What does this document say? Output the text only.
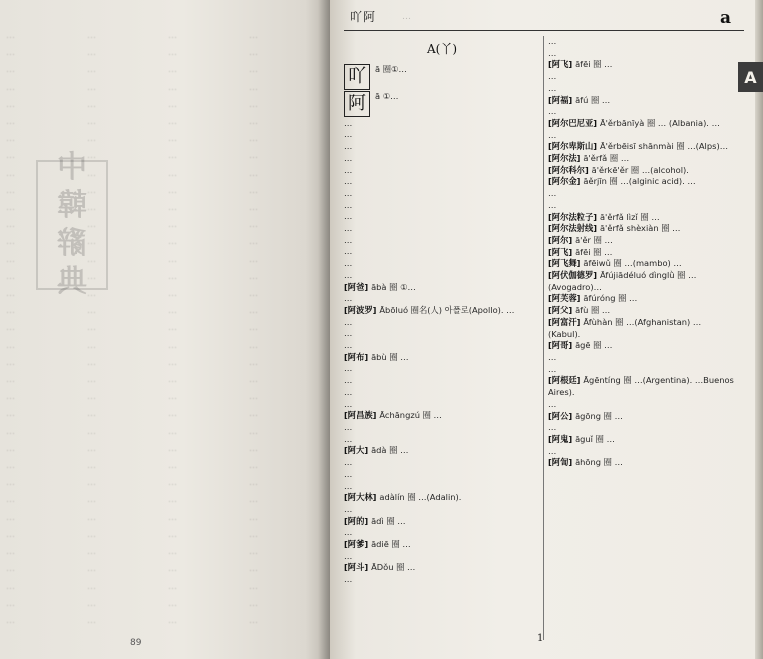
…
…
…
…
…
…
…
…
…
…
…
…
…
…
…
…
…
…
…
…
…
…
…
…
…
…
…
…
…
…
…
…
…
…
…
…
…
…
…
…
…
…
…
…
…
…
…
…
…
…
…
…
…
…
…
…
…
…
…
…
…
…
…
…
…
…
…
…
…
…
…
…
…
…
…
…
…
…
…
…
…
…
…
…
…
…
…
…
…
…
…
…
…
…
…
…
…
…
…
…
…
…
…
…
…
…
…
…
…
…
…
…
…
…
…
…
…
…
…
…
…
…
…
…
…
…
…
…
…
…
…
…
…
…
…
…
…
…
…
…
中
韓
辭
典
89
吖阿	…	a
A
A(丫)
吖	ā 圈①…
阿	ā ①…
…
…
…
…
…
…
…
…
…
…
…
…
…
…
[阿爸] ābà 圈 ①…
…
[阿波罗] Ābōluó 圈名(人) 아폴로(Apollo). …
…
…
…
[阿布] ābù 圈 …
…
…
…
…
[阿昌族] Āchāngzú 圈 …
…
…
[阿大] ādà 圈 …
…
…
…
[阿大林] adàlín 圈 …(Adalin).
…
[阿的] ādì 圈 …
…
[阿爹] ādiē 圈 …
…
[阿斗] ĀDǒu 圈 …
…
…
…
[阿飞] āfēi 圈 …
…
…
[阿福] āfú 圈 …
…
[阿尔巴尼亚] Ā'ěrbānīyà 圈 … (Albania). …
…
[阿尔卑斯山] Ā'ěrbēisī shānmài 圈 …(Alps)…
[阿尔法] ā'ěrfǎ 圈 …
[阿尔科尔] ā'ěrkē'ěr 圈 …(alcohol).
[阿尔金] āěrjīn 圈 …(alginic acid). …
…
…
[阿尔法粒子] ā'ěrfǎ lìzǐ 圈 …
[阿尔法射线] ā'ěrfǎ shèxiàn 圈 …
[阿尔] ā'ěr 圈 …
[阿飞] āfēi 圈 …
[阿飞舞] āfēiwǔ 圈 …(mambo) …
[阿伏伽德罗] Āfújiādéluó dìnglǜ 圈 …(Avogadro)…
[阿芙蓉] āfúróng 圈 …
[阿父] āfù 圈 …
[阿富汗] Āfùhàn 圈 …(Afghanistan) … (Kabul).
[阿哥] āgē 圈 …
…
…
[阿根廷] Āgēntíng 圈 …(Argentina). …Buenos Aires).
…
[阿公] āgōng 圈 …
…
[阿鬼] āguǐ 圈 …
…
[阿訇] āhōng 圈 …
1
